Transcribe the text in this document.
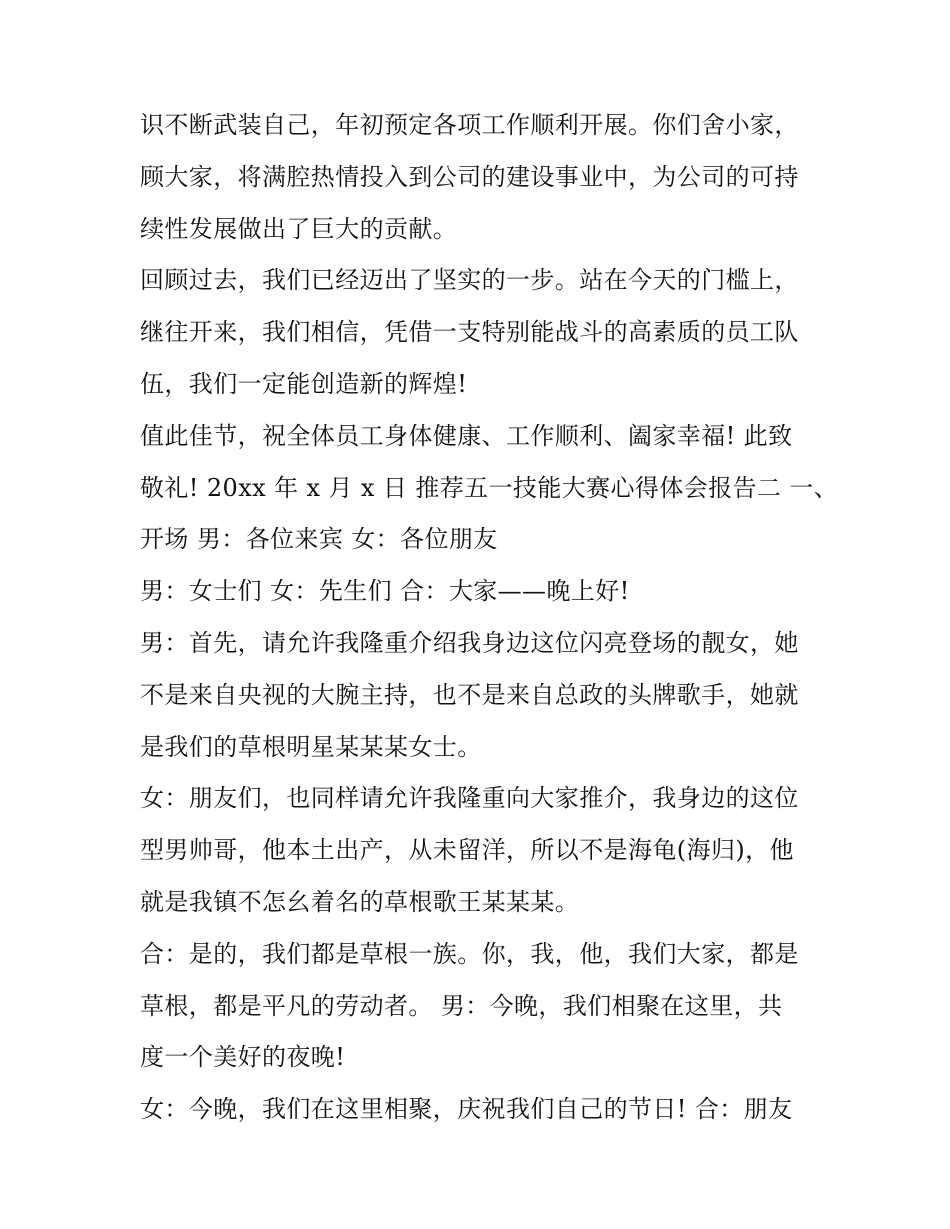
识不断武装自己，年初预定各项工作顺利开展。你们舍小家，
顾大家，将满腔热情投入到公司的建设事业中，为公司的可持
续性发展做出了巨大的贡献。
回顾过去，我们已经迈出了坚实的一步。站在今天的门槛上，
继往开来，我们相信，凭借一支特别能战斗的高素质的员工队
伍，我们一定能创造新的辉煌!
值此佳节，祝全体员工身体健康、工作顺利、阖家幸福! 此致
敬礼! 20xx 年 x 月 x 日 推荐五一技能大赛心得体会报告二 一、
开场 男：各位来宾 女：各位朋友
男：女士们 女：先生们 合：大家——晚上好!
男：首先，请允许我隆重介绍我身边这位闪亮登场的靓女，她
不是来自央视的大腕主持，也不是来自总政的头牌歌手，她就
是我们的草根明星某某某女士。
女：朋友们，也同样请允许我隆重向大家推介，我身边的这位
型男帅哥，他本土出产，从未留洋，所以不是海龟(海归)，他
就是我镇不怎幺着名的草根歌王某某某。
合：是的，我们都是草根一族。你，我，他，我们大家，都是
草根，都是平凡的劳动者。 男：今晚，我们相聚在这里，共
度一个美好的夜晚!
女：今晚，我们在这里相聚，庆祝我们自己的节日! 合：朋友
